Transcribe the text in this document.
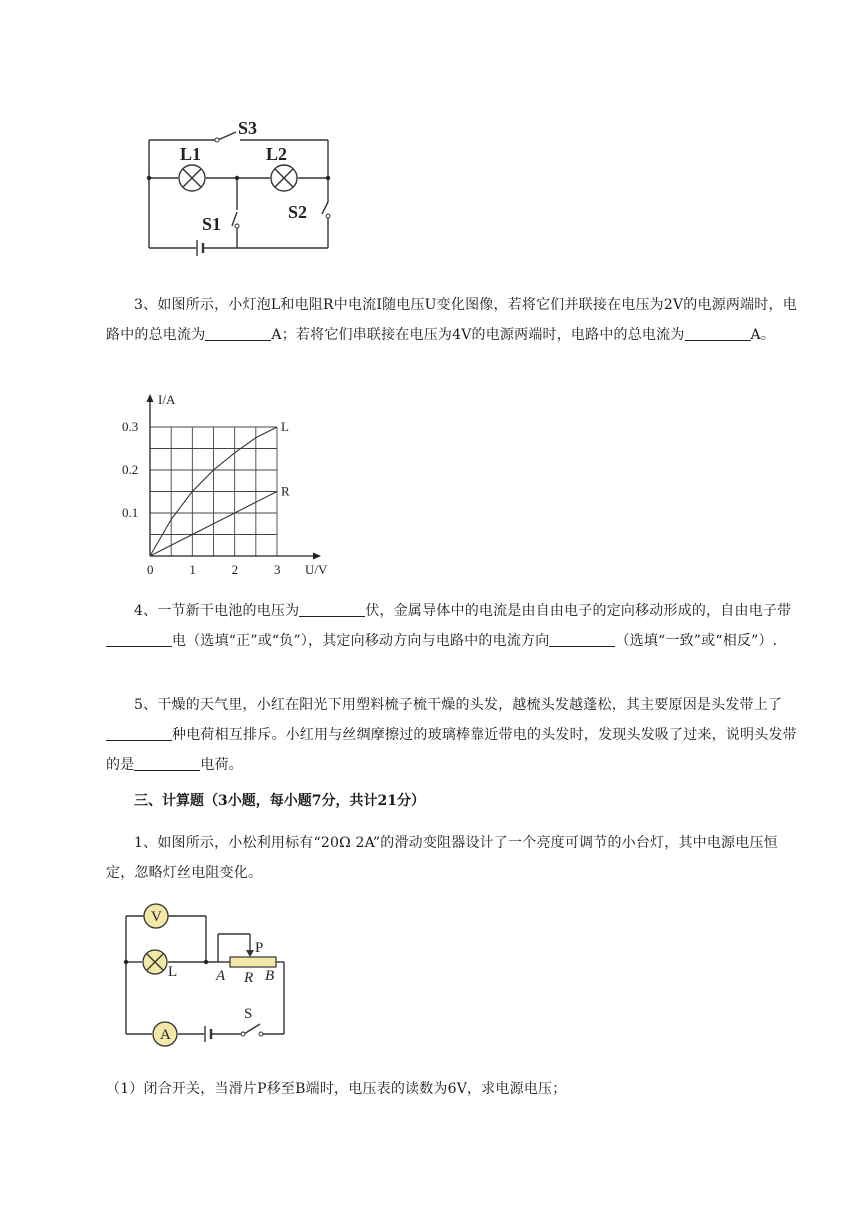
S3
L1	L2
S1
S2
3、如图所示，小灯泡L和电阻R中电流I随电压U变化图像，若将它们并联接在电压为2V的电源两端时，电路中的总电流为	A；若将它们串联接在电压为4V的电源两端时，电路中的总电流为	A。
L
R
0	1	2	3
0.1
0.2
0.3
U/V
I/A
4、一节新干电池的电压为	伏，金属导体中的电流是由自由电子的定向移动形成的，自由电子带电（选填“正”或“负”），其定向移动方向与电路中的电流方向	（选填“一致”或“相反”）.
5、干燥的天气里，小红在阳光下用塑料梳子梳干燥的头发，越梳头发越蓬松，其主要原因是头发带上了种电荷相互排斥。小红用与丝绸摩擦过的玻璃棒靠近带电的头发时，发现头发吸了过来，说明头发带的是	电荷。
三、计算题（3小题，每小题7分，共计21分）
1、如图所示，小松利用标有“20Ω 2A”的滑动变阻器设计了一个亮度可调节的小台灯，其中电源电压恒定，忽略灯丝电阻变化。
V
L
P
A R B
S
A
（1）闭合开关，当滑片P移至B端时，电压表的读数为6V，求电源电压；
